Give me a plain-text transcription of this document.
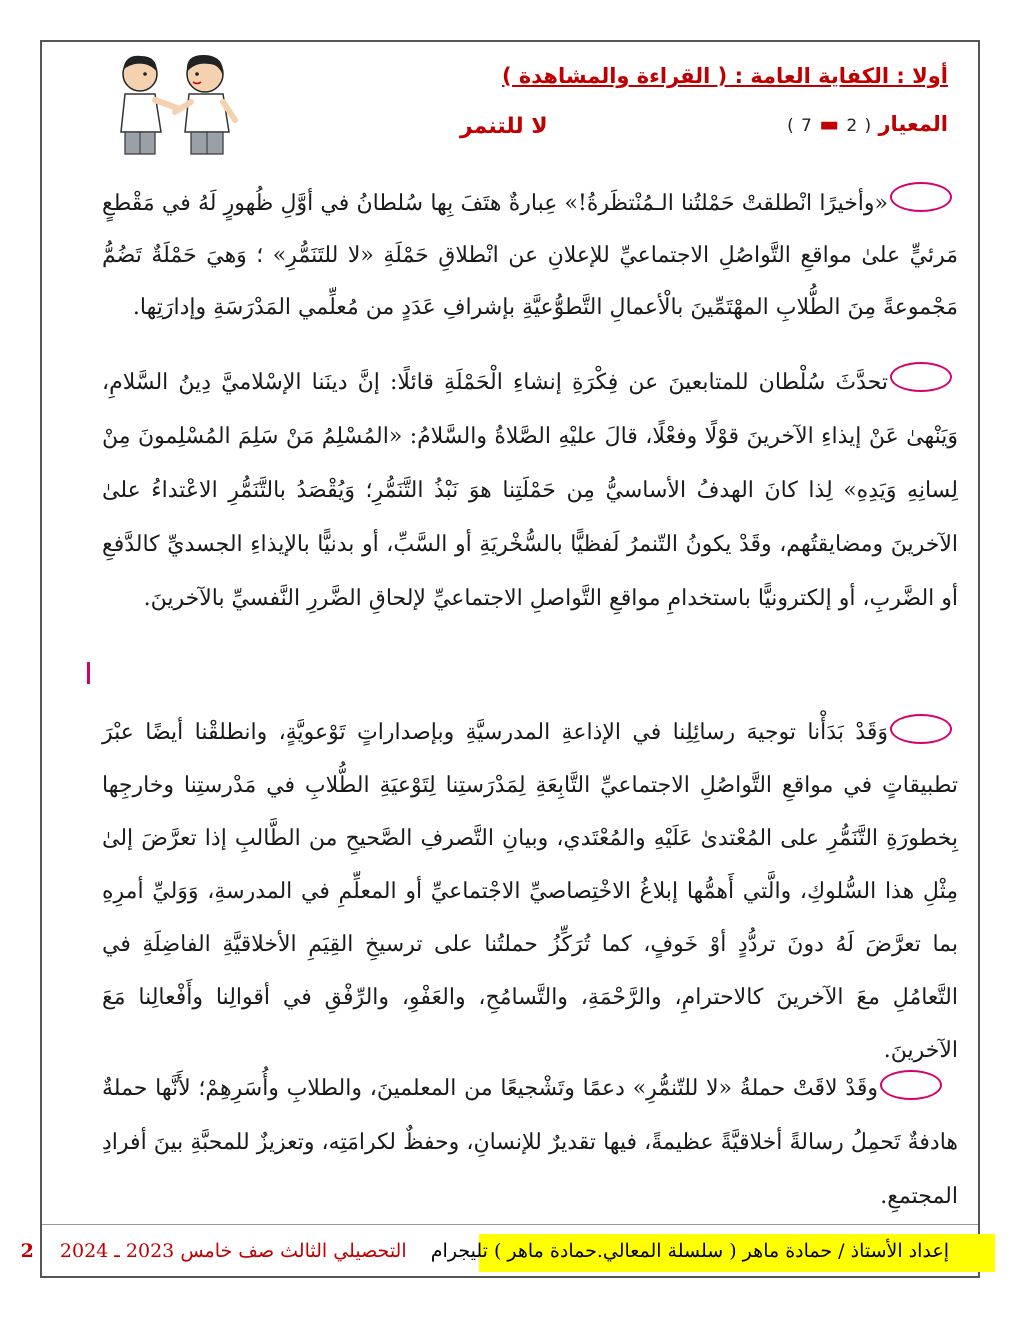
أولا : الكفاية العامة : ( القراءة والمشاهدة )
المعيار ( 2 ▬ 7 )
لا للتنمر

«وأخيرًا انْطلقتْ حَمْلتُنا الـمُنْتظَرةُ!» عِبارةٌ هتَفَ بِها سُلطانُ في أوَّلِ ظُهورٍ لَهُ في مَقْطعٍ مَرئيٍّ علىٰ مواقعِ التَّواصُلِ الاجتماعيِّ للإعلانِ عن انْطلاقِ حَمْلَةِ «لا للتَنَمُّرِ» ؛ وَهيَ حَمْلَةٌ تَضُمُّ مَجْموعةً مِنَ الطُّلابِ المهْتَمِّينَ بالْأعمالِ التَّطوُّعيَّةِ بإشرافِ عَدَدٍ من مُعلِّمي المَدْرَسَةِ وإدارَتِها.

تحدَّثَ سُلْطان للمتابعينَ عن فِكْرَةِ إنشاءِ الْحَمْلَةِ قائلًا: إنَّ دينَنا الإسْلاميَّ دِينُ السَّلامِ، وَيَنْهىٰ عَنْ إيذاءِ الآخرينَ قوْلًا وفعْلًا، قالَ عليْهِ الصَّلاةُ والسَّلامُ: «المُسْلِمُ مَنْ سَلِمَ المُسْلِمونَ مِنْ لِسانِهِ وَيَدِهِ» لِذا كانَ الهدفُ الأساسيُّ مِن حَمْلَتِنا هوَ نَبْذُ التَّنَمُّرِ؛ وَيُقْصَدُ بالتَّنَمُّرِ الاعْتداءُ علىٰ الآخرينَ ومضايقتُهم، وقَدْ يكونُ التّنمرُ لَفظيًّا بالسُّخْريَةِ أو السَّبِّ، أو بدنيًّا بالإيذاءِ الجسديِّ كالدَّفعِ أو الضَّربِ، أو إلكترونيًّا باستخدامِ مواقعِ التَّواصلِ الاجتماعيِّ لإلحاقِ الضَّررِ النَّفسيِّ بالآخرينَ.

وَقَدْ بَدَأْنا توجيهَ رسائِلِنا في الإذاعةِ المدرسيَّةِ وبإصداراتٍ تَوْعويَّةٍ، وانطلقْنا أيضًا عبْرَ تطبيقاتٍ في مواقعِ التَّواصُلِ الاجتماعيِّ التَّابِعَةِ لِمَدْرَستِنا لِتَوْعيَةِ الطُّلابِ في مَدْرستِنا وخارجِها بِخطورَةِ التَّنَمُّرِ على المُعْتدىٰ عَلَيْهِ والمُعْتَدي، وبيانِ التَّصرفِ الصَّحيحِ من الطَّالبِ إذا تعرَّضَ إلىٰ مِثْلِ هذا السُّلوكِ، والَّتي أَهمُّها إبلاغُ الاخْتِصاصيِّ الاجْتماعيِّ أو المعلِّمِ في المدرسةِ، وَوَليِّ أمرِهِ بما تعرَّضَ لَهُ دونَ تردُّدٍ أوْ خَوفٍ، كما تُرَكِّزُ حملتُنا على ترسيخِ القِيَمِ الأخلاقيَّةِ الفاضِلَةِ في التَّعامُلِ معَ الآخرينَ كالاحترامِ، والرَّحْمَةِ، والتَّسامُحِ، والعَفْوِ، والرِّفْقِ في أقوالِنا وأَفْعالِنا مَعَ الآخرينَ.

وقَدْ لاقَتْ حملةُ «لا للتّنمُّرِ» دعمًا وتَشْجيعًا من المعلمينَ، والطلابِ وأُسَرِهِمْ؛ لأَنَّها حملةٌ هادفةٌ تَحمِلُ رسالةً أخلاقيَّةً عظيمةً، فيها تقديرٌ للإنسانِ، وحفظٌ لكرامَتِه، وتعزيزٌ للمحبَّةِ بينَ أفرادِ المجتمعِ.

إعداد الأستاذ / حمادة ماهر ( سلسلة المعالي.حمادة ماهر ) تليجرام    التحصيلي الثالث صف خامس 2023 ـ 2024 2
